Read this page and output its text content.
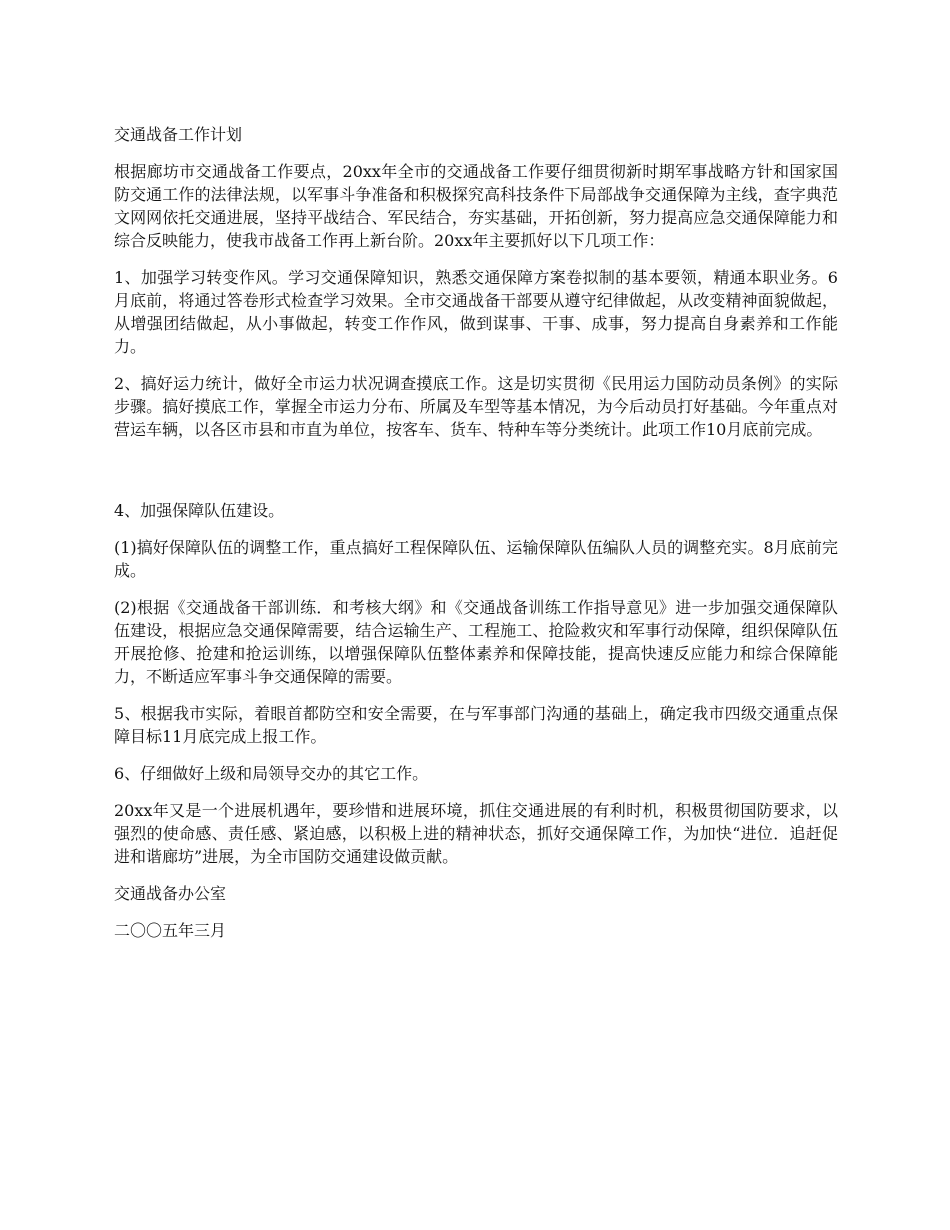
交通战备工作计划

根据廊坊市交通战备工作要点，20xx年全市的交通战备工作要仔细贯彻新时期军事战略方针和国家国防交通工作的法律法规，以军事斗争准备和积极探究高科技条件下局部战争交通保障为主线，查字典范文网网依托交通进展，坚持平战结合、军民结合，夯实基础，开拓创新，努力提高应急交通保障能力和综合反映能力，使我市战备工作再上新台阶。20xx年主要抓好以下几项工作：

1、加强学习转变作风。学习交通保障知识，熟悉交通保障方案卷拟制的基本要领，精通本职业务。6月底前，将通过答卷形式检查学习效果。全市交通战备干部要从遵守纪律做起，从改变精神面貌做起，从增强团结做起，从小事做起，转变工作作风，做到谋事、干事、成事，努力提高自身素养和工作能力。

2、搞好运力统计，做好全市运力状况调查摸底工作。这是切实贯彻《民用运力国防动员条例》的实际步骤。搞好摸底工作，掌握全市运力分布、所属及车型等基本情况，为今后动员打好基础。今年重点对营运车辆，以各区市县和市直为单位，按客车、货车、特种车等分类统计。此项工作10月底前完成。

4、加强保障队伍建设。

(1)搞好保障队伍的调整工作，重点搞好工程保障队伍、运输保障队伍编队人员的调整充实。8月底前完成。

(2)根据《交通战备干部训练．和考核大纲》和《交通战备训练工作指导意见》进一步加强交通保障队伍建设，根据应急交通保障需要，结合运输生产、工程施工、抢险救灾和军事行动保障，组织保障队伍开展抢修、抢建和抢运训练，以增强保障队伍整体素养和保障技能，提高快速反应能力和综合保障能力，不断适应军事斗争交通保障的需要。

5、根据我市实际，着眼首都防空和安全需要，在与军事部门沟通的基础上，确定我市四级交通重点保障目标11月底完成上报工作。

6、仔细做好上级和局领导交办的其它工作。

20xx年又是一个进展机遇年，要珍惜和进展环境，抓住交通进展的有利时机，积极贯彻国防要求，以强烈的使命感、责任感、紧迫感，以积极上进的精神状态，抓好交通保障工作，为加快“进位．追赶促进和谐廊坊”进展，为全市国防交通建设做贡献。

交通战备办公室

二〇〇五年三月
